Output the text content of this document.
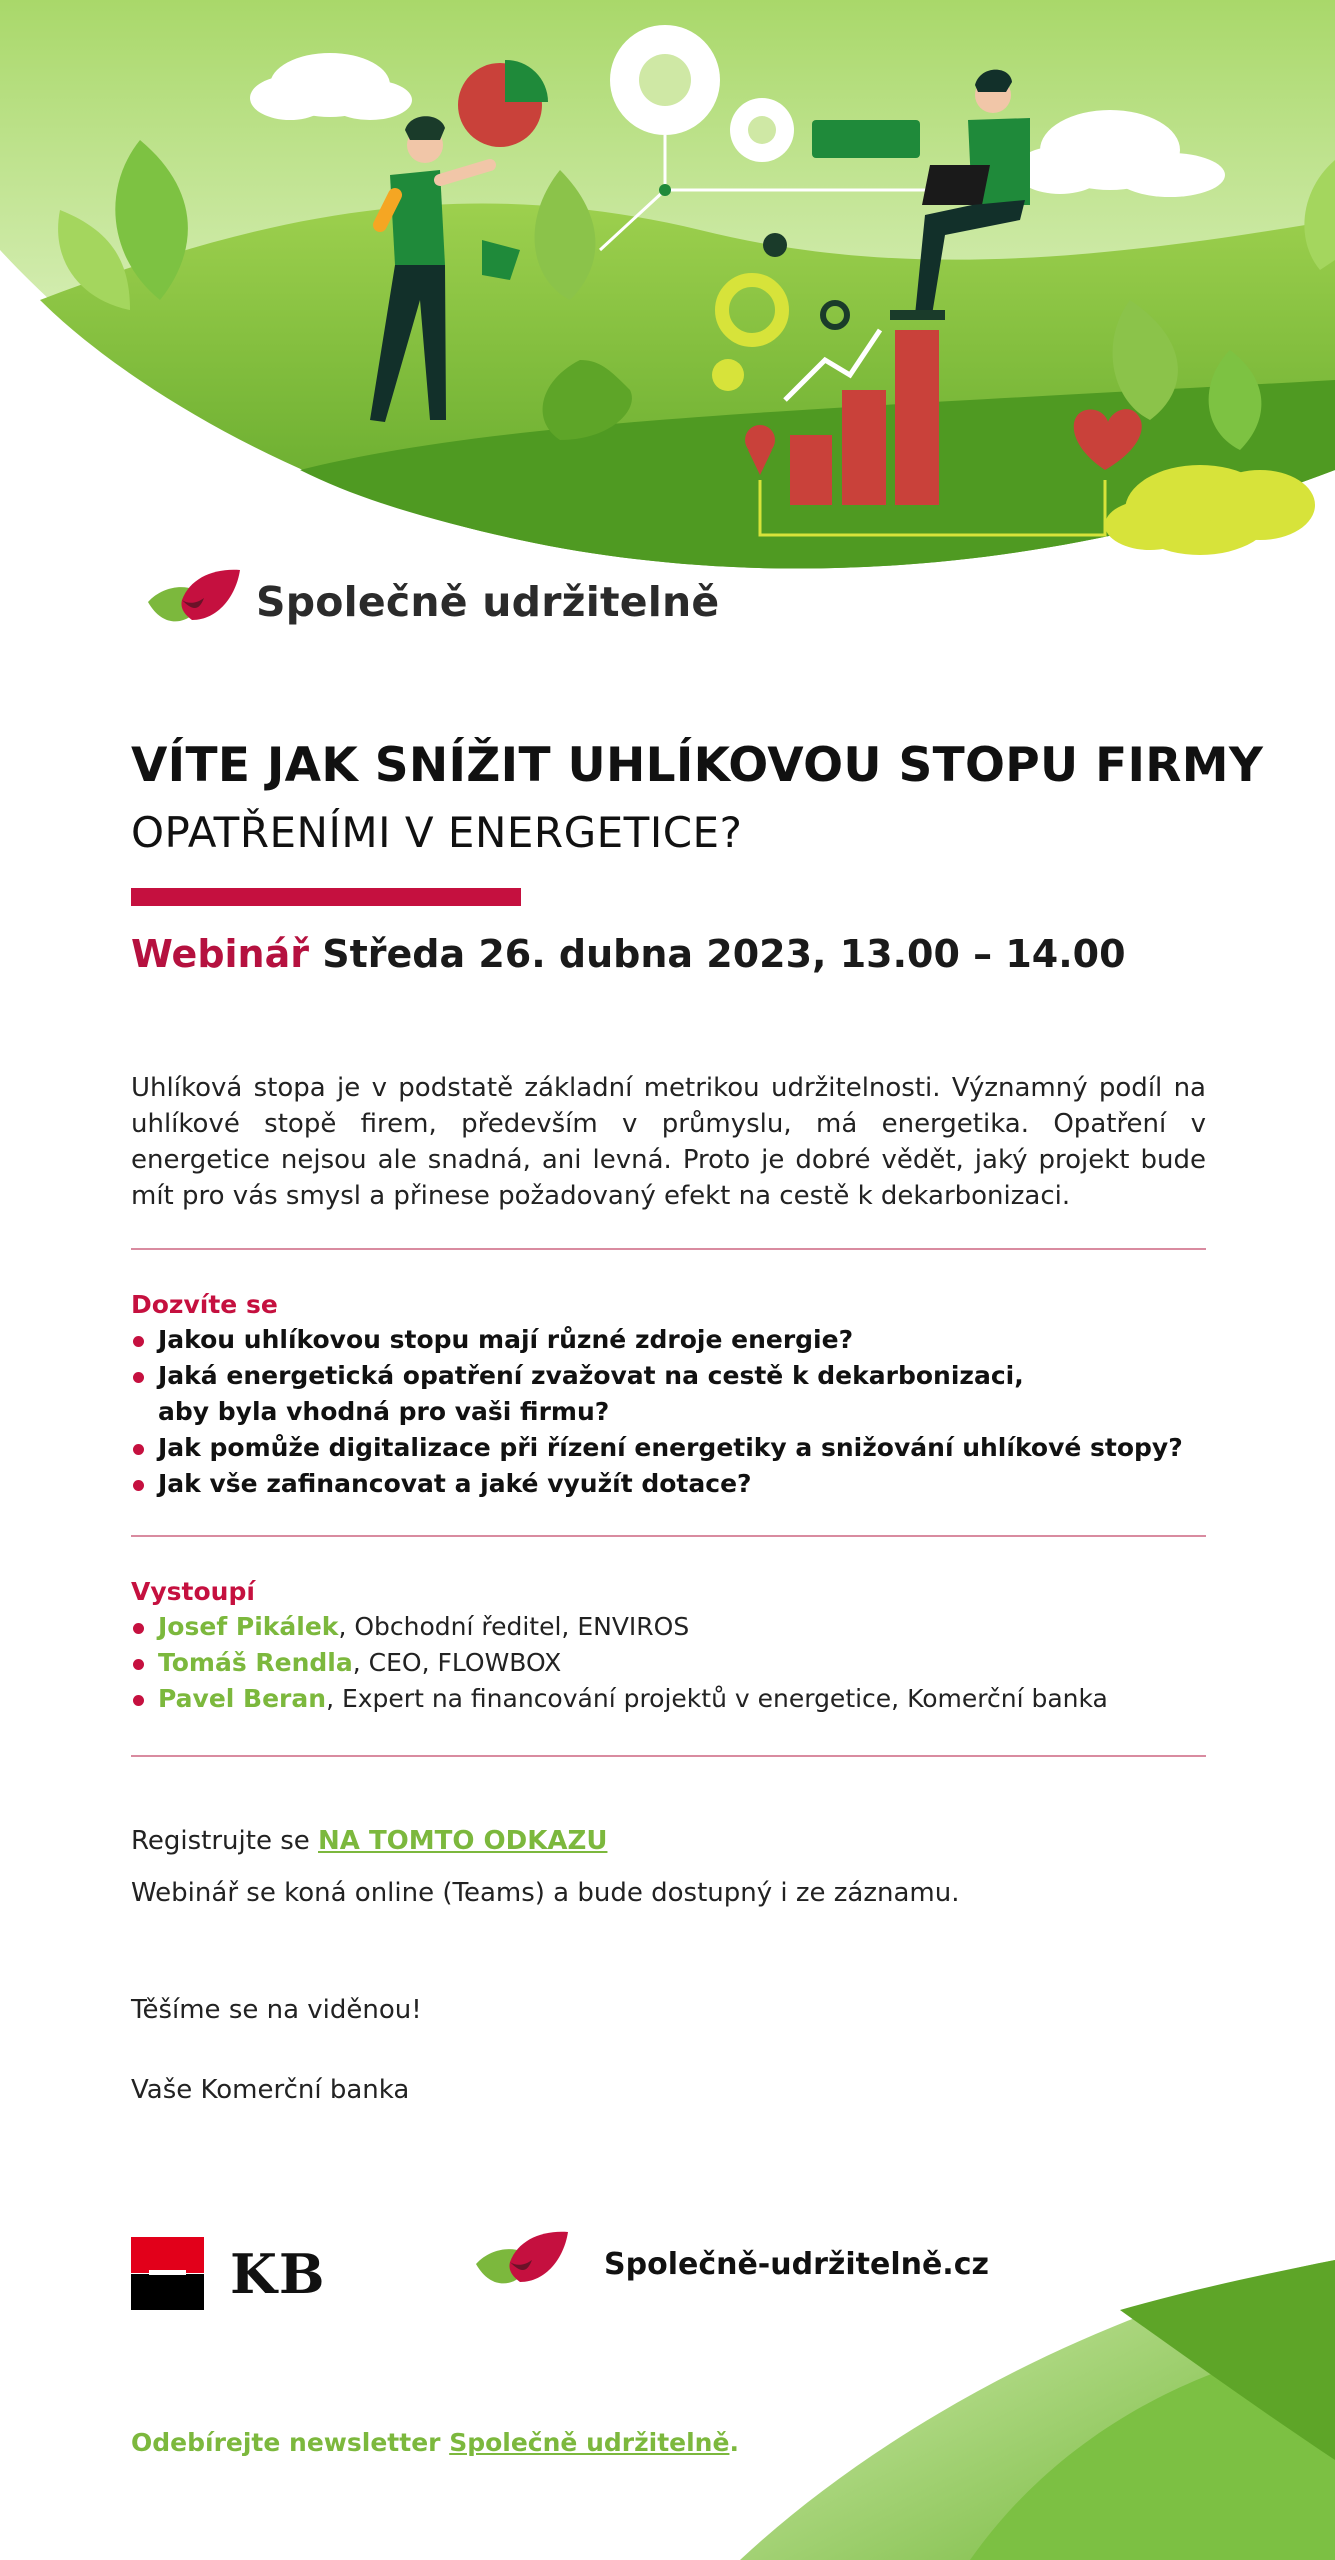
Společně udržitelně
VÍTE JAK SNÍŽIT UHLÍKOVOU STOPU FIRMY
OPATŘENÍMI V ENERGETICE?
Webinář Středa 26. dubna 2023, 13.00 – 14.00
Uhlíková stopa je v podstatě základní metrikou udržitelnosti. Významný podíl na uhlíkové stopě firem, především v průmyslu, má energetika. Opatření v energetice nejsou ale snadná, ani levná. Proto je dobré vědět, jaký projekt bude mít pro vás smysl a přinese požadovaný efekt na cestě k dekarbonizaci.
Dozvíte se
Jakou uhlíkovou stopu mají různé zdroje energie?
Jaká energetická opatření zvažovat na cestě k dekarbonizaci,
aby byla vhodná pro vaši firmu?
Jak pomůže digitalizace při řízení energetiky a snižování uhlíkové stopy?
Jak vše zafinancovat a jaké využít dotace?
Vystoupí
Josef Pikálek, Obchodní ředitel, ENVIROS
Tomáš Rendla, CEO, FLOWBOX
Pavel Beran, Expert na financování projektů v energetice, Komerční banka
Registrujte se NA TOMTO ODKAZU
Webinář se koná online (Teams) a bude dostupný i ze záznamu.
Těšíme se na viděnou!
Vaše Komerční banka
KB	Společně-udržitelně.cz
Odebírejte newsletter Společně udržitelně.
